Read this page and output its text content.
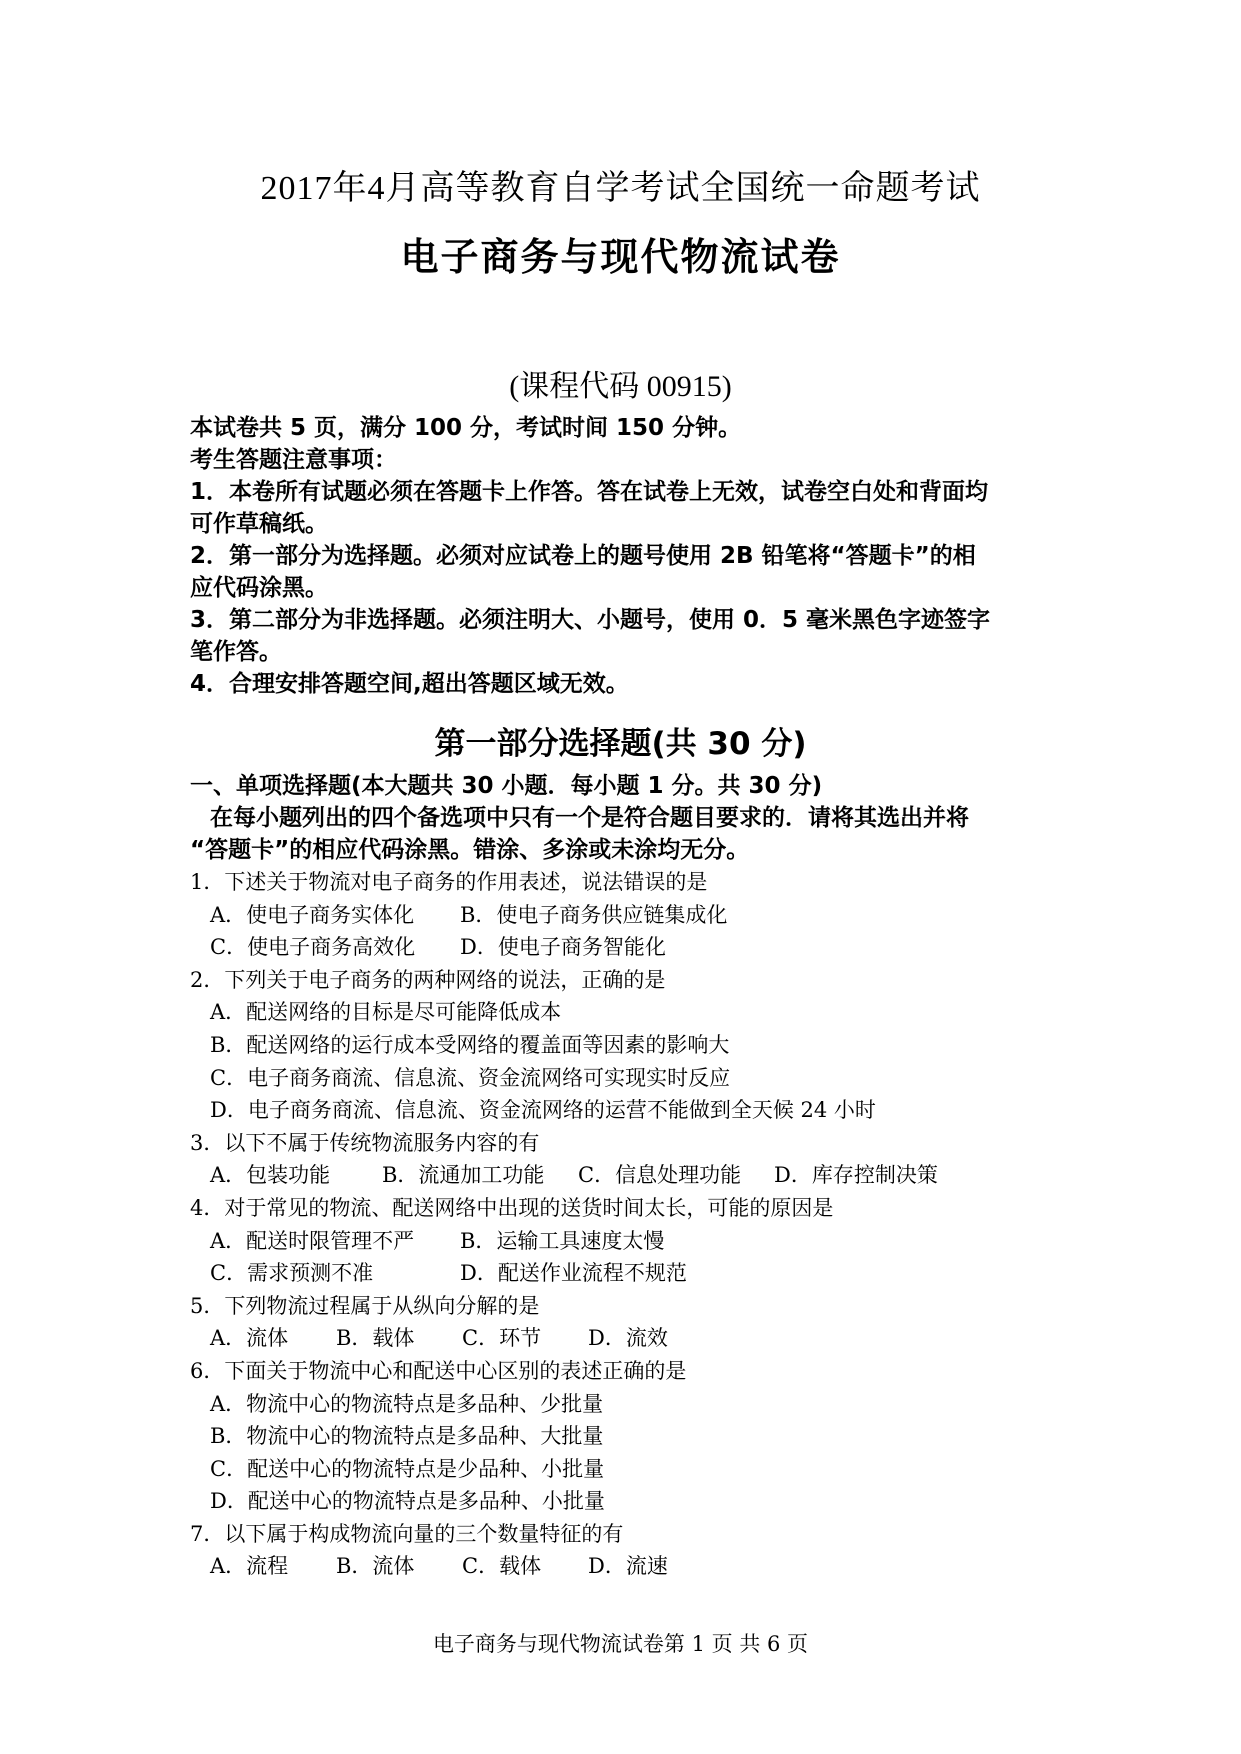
2017年4月高等教育自学考试全国统一命题考试
电子商务与现代物流试卷
(课程代码 00915)
本试卷共 5 页，满分 100 分，考试时间 150 分钟。
考生答题注意事项：
1．本卷所有试题必须在答题卡上作答。答在试卷上无效，试卷空白处和背面均
可作草稿纸。
2．第一部分为选择题。必须对应试卷上的题号使用 2B 铅笔将“答题卡”的相
应代码涂黑。
3．第二部分为非选择题。必须注明大、小题号，使用 0．5 毫米黑色字迹签字
笔作答。
4．合理安排答题空间,超出答题区域无效。
第一部分选择题(共 30 分)
一、单项选择题(本大题共 30 小题．每小题 1 分。共 30 分)
在每小题列出的四个备选项中只有一个是符合题目要求的．请将其选出并将
“答题卡”的相应代码涂黑。错涂、多涂或未涂均无分。
1．下述关于物流对电子商务的作用表述，说法错误的是
A．使电子商务实体化 B．使电子商务供应链集成化
C．使电子商务高效化 D．使电子商务智能化
2．下列关于电子商务的两种网络的说法，正确的是
A．配送网络的目标是尽可能降低成本
B．配送网络的运行成本受网络的覆盖面等因素的影响大
C．电子商务商流、信息流、资金流网络可实现实时反应
D．电子商务商流、信息流、资金流网络的运营不能做到全天候 24 小时
3．以下不属于传统物流服务内容的有
A．包装功能 B．流通加工功能 C．信息处理功能 D．库存控制决策
4．对于常见的物流、配送网络中出现的送货时间太长，可能的原因是
A．配送时限管理不严 B．运输工具速度太慢
C．需求预测不准	D．配送作业流程不规范
5．下列物流过程属于从纵向分解的是
A．流体 B．载体 C．环节 D．流效
6．下面关于物流中心和配送中心区别的表述正确的是
A．物流中心的物流特点是多品种、少批量
B．物流中心的物流特点是多品种、大批量
C．配送中心的物流特点是少品种、小批量
D．配送中心的物流特点是多品种、小批量
7．以下属于构成物流向量的三个数量特征的有
A．流程 B．流体 C．载体 D．流速
电子商务与现代物流试卷第 1 页 共 6 页
